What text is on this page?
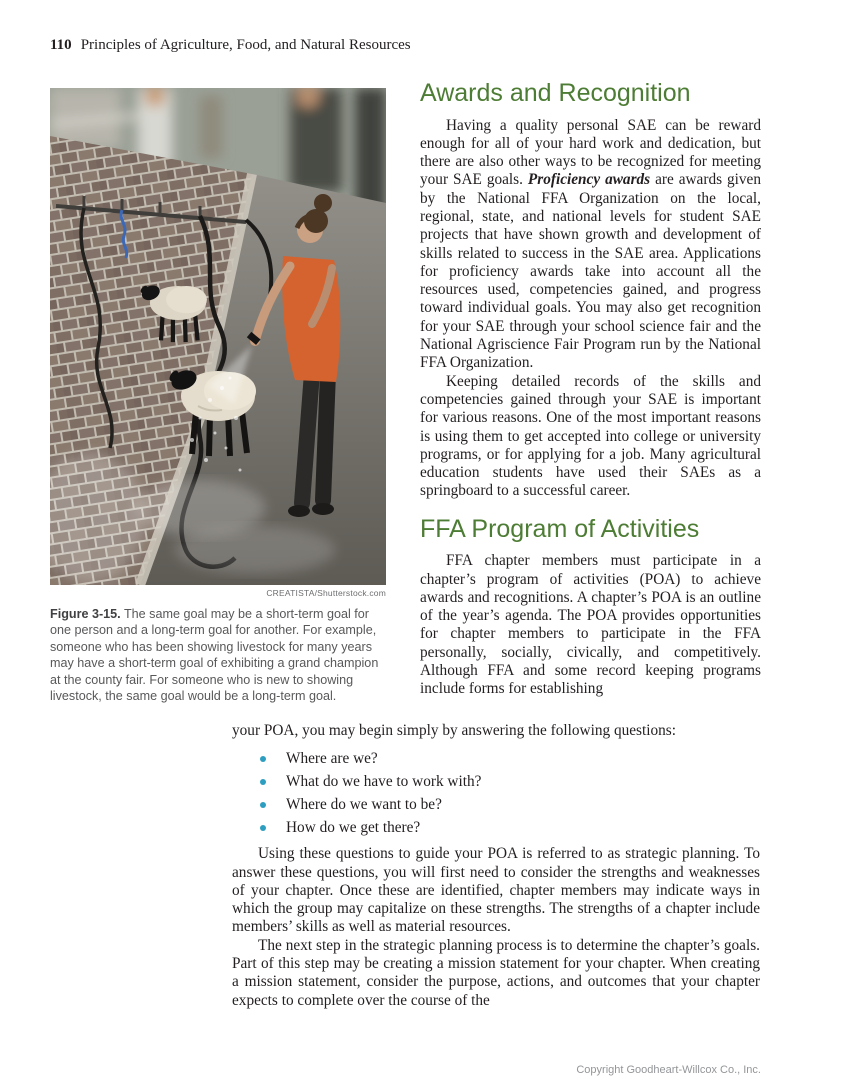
110 Principles of Agriculture, Food, and Natural Resources
CREATISTA/Shutterstock.com

Figure 3-15. The same goal may be a short-term goal for one person and a long-term goal for another. For example, someone who has been showing livestock for many years may have a short-term goal of exhibiting a grand champion at the county fair. For someone who is new to showing livestock, the same goal would be a long-term goal.

Awards and Recognition

Having a quality personal SAE can be reward enough for all of your hard work and dedication, but there are also other ways to be recognized for meeting your SAE goals. Proficiency awards are awards given by the National FFA Organization on the local, regional, state, and national levels for student SAE projects that have shown growth and development of skills related to success in the SAE area. Applications for proficiency awards take into account all the resources used, competencies gained, and progress toward individual goals. You may also get recognition for your SAE through your school science fair and the National Agriscience Fair Program run by the National FFA Organization.

Keeping detailed records of the skills and competencies gained through your SAE is important for various reasons. One of the most important reasons is using them to get accepted into college or university programs, or for applying for a job. Many agricultural education students have used their SAEs as a springboard to a successful career.

FFA Program of Activities

FFA chapter members must participate in a chapter’s program of activities (POA) to achieve awards and recognitions. A chapter’s POA is an outline of the year’s agenda. The POA provides opportunities for chapter members to participate in the FFA personally, socially, civically, and competitively. Although FFA and some record keeping programs include forms for establishing

your POA, you may begin simply by answering the following questions:

Where are we?
What do we have to work with?
Where do we want to be?
How do we get there?

Using these questions to guide your POA is referred to as strategic planning. To answer these questions, you will first need to consider the strengths and weaknesses of your chapter. Once these are identified, chapter members may indicate ways in which the group may capitalize on these strengths. The strengths of a chapter include members’ skills as well as material resources.

The next step in the strategic planning process is to determine the chapter’s goals. Part of this step may be creating a mission statement for your chapter. When creating a mission statement, consider the purpose, actions, and outcomes that your chapter expects to complete over the course of the

Copyright Goodheart-Willcox Co., Inc.
